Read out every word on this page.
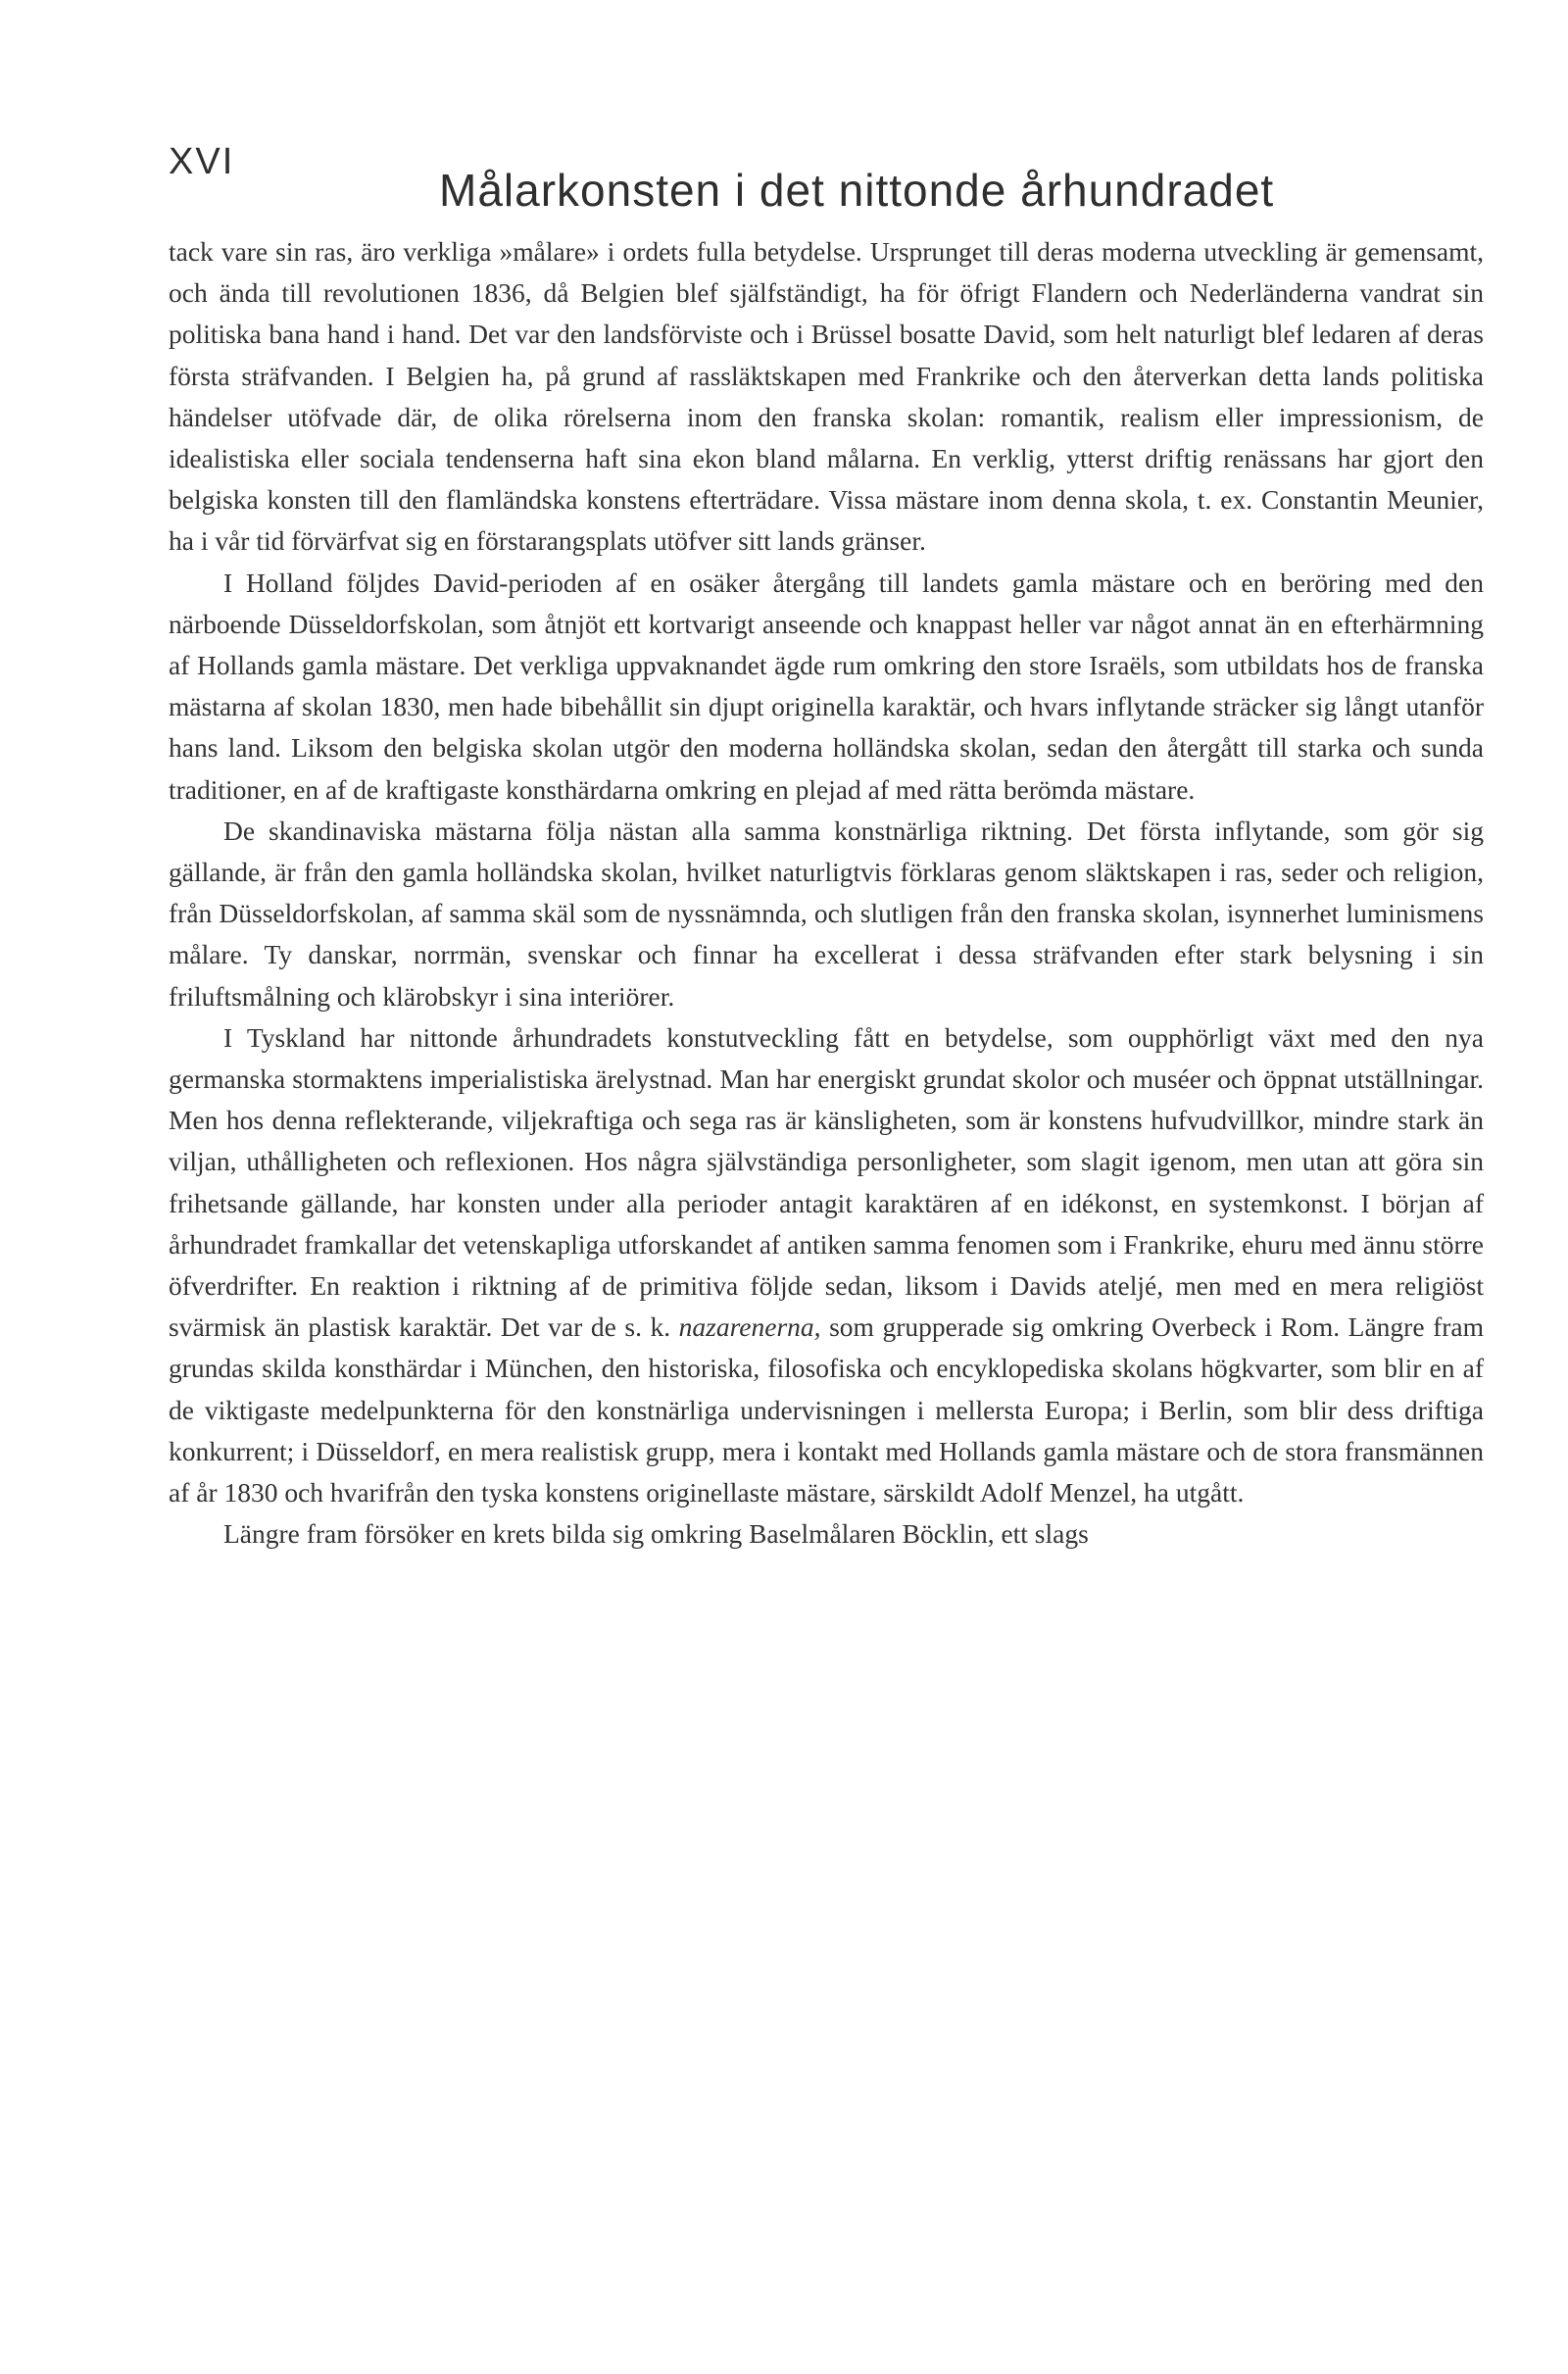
XVI
Målarkonsten i det nittonde århundradet

tack vare sin ras, äro verkliga »målare» i ordets fulla betydelse. Ursprunget till deras moderna utveckling är gemensamt, och ända till revolutionen 1836, då Belgien blef själfständigt, ha för öfrigt Flandern och Nederländerna vandrat sin politiska bana hand i hand. Det var den landsförviste och i Brüssel bosatte David, som helt naturligt blef ledaren af deras första sträfvanden. I Belgien ha, på grund af rassläktskapen med Frankrike och den återverkan detta lands politiska händelser utöfvade där, de olika rörelserna inom den franska skolan: romantik, realism eller impressionism, de idealistiska eller sociala tendenserna haft sina ekon bland målarna. En verklig, ytterst driftig renässans har gjort den belgiska konsten till den flamländska konstens efterträdare. Vissa mästare inom denna skola, t. ex. Constantin Meunier, ha i vår tid förvärfvat sig en förstarangsplats utöfver sitt lands gränser.

I Holland följdes David-perioden af en osäker återgång till landets gamla mästare och en beröring med den närboende Düsseldorfskolan, som åtnjöt ett kortvarigt anseende och knappast heller var något annat än en efterhärmning af Hollands gamla mästare. Det verkliga uppvaknandet ägde rum omkring den store Israëls, som utbildats hos de franska mästarna af skolan 1830, men hade bibehållit sin djupt originella karaktär, och hvars inflytande sträcker sig långt utanför hans land. Liksom den belgiska skolan utgör den moderna holländska skolan, sedan den återgått till starka och sunda traditioner, en af de kraftigaste konsthärdarna omkring en plejad af med rätta berömda mästare.

De skandinaviska mästarna följa nästan alla samma konstnärliga riktning. Det första inflytande, som gör sig gällande, är från den gamla holländska skolan, hvilket naturligtvis förklaras genom släktskapen i ras, seder och religion, från Düsseldorfskolan, af samma skäl som de nyssnämnda, och slutligen från den franska skolan, isynnerhet luminismens målare. Ty danskar, norrmän, svenskar och finnar ha excellerat i dessa sträfvanden efter stark belysning i sin friluftsmålning och klärobskyr i sina interiörer.

I Tyskland har nittonde århundradets konstutveckling fått en betydelse, som oupphörligt växt med den nya germanska stormaktens imperialistiska ärelystnad. Man har energiskt grundat skolor och muséer och öppnat utställningar. Men hos denna reflekterande, viljekraftiga och sega ras är känsligheten, som är konstens hufvudvillkor, mindre stark än viljan, uthålligheten och reflexionen. Hos några självständiga personligheter, som slagit igenom, men utan att göra sin frihetsande gällande, har konsten under alla perioder antagit karaktären af en idékonst, en systemkonst. I början af århundradet framkallar det vetenskapliga utforskandet af antiken samma fenomen som i Frankrike, ehuru med ännu större öfverdrifter. En reaktion i riktning af de primitiva följde sedan, liksom i Davids atelјé, men med en mera religiöst svärmisk än plastisk karaktär. Det var de s. k. nazarenerna, som grupperade sig omkring Overbeck i Rom. Längre fram grundas skilda konsthärdar i München, den historiska, filosofiska och encyklopediska skolans högkvarter, som blir en af de viktigaste medelpunkterna för den konstnärliga undervisningen i mellersta Europa; i Berlin, som blir dess driftiga konkurrent; i Düsseldorf, en mera realistisk grupp, mera i kontakt med Hollands gamla mästare och de stora fransmännen af år 1830 och hvarifrån den tyska konstens originellaste mästare, särskildt Adolf Menzel, ha utgått.

Längre fram försöker en krets bilda sig omkring Baselmålaren Böcklin, ett slags
